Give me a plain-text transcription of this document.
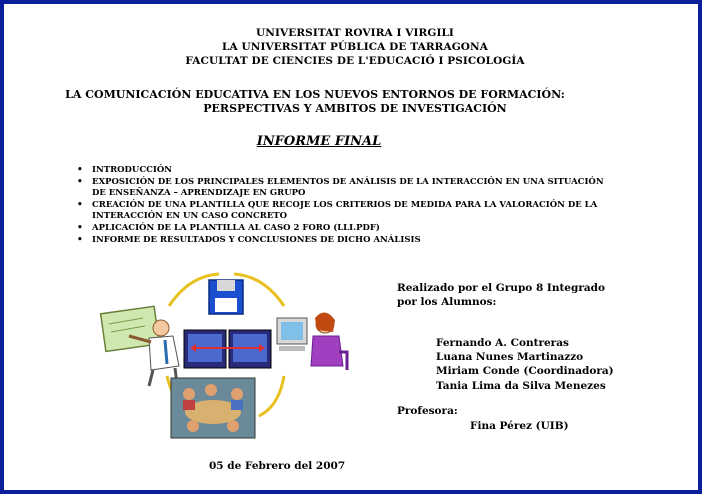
UNIVERSITAT ROVIRA I VIRGILI
LA UNIVERSITAT PÚBLICA DE TARRAGONA
FACULTAT DE CIENCIES DE L'EDUCACIÓ I PSICOLOGÍA
LA COMUNICACIÓN EDUCATIVA EN LOS NUEVOS ENTORNOS DE FORMACIÓN:
PERSPECTIVAS Y AMBITOS DE INVESTIGACIÓN
INFORME FINAL
• INTRODUCCIÓN
• EXPOSICIÓN DE LOS PRINCIPALES ELEMENTOS DE ANÁLISIS DE LA INTERACCIÓN EN UNA SITUACIÓN DE ENSEÑANZA – APRENDIZAJE EN GRUPO
• CREACIÓN DE UNA PLANTILLA QUE RECOJE LOS CRITERIOS DE MEDIDA PARA LA VALORACIÓN DE LA INTERACCIÓN EN UN CASO CONCRETO
• APLICACIÓN DE LA PLANTILLA AL CASO 2 FORO (LLI.PDF)
• INFORME DE RESULTADOS Y CONCLUSIONES DE DICHO ANÁLISIS
Realizado por el Grupo 8 Integrado
por los Alumnos:
Fernando A. Contreras
Luana Nunes Martinazzo
Miriam Conde (Coordinadora)
Tania Lima da Silva Menezes
Profesora:
Fina Pérez (UIB)
05 de Febrero del 2007
